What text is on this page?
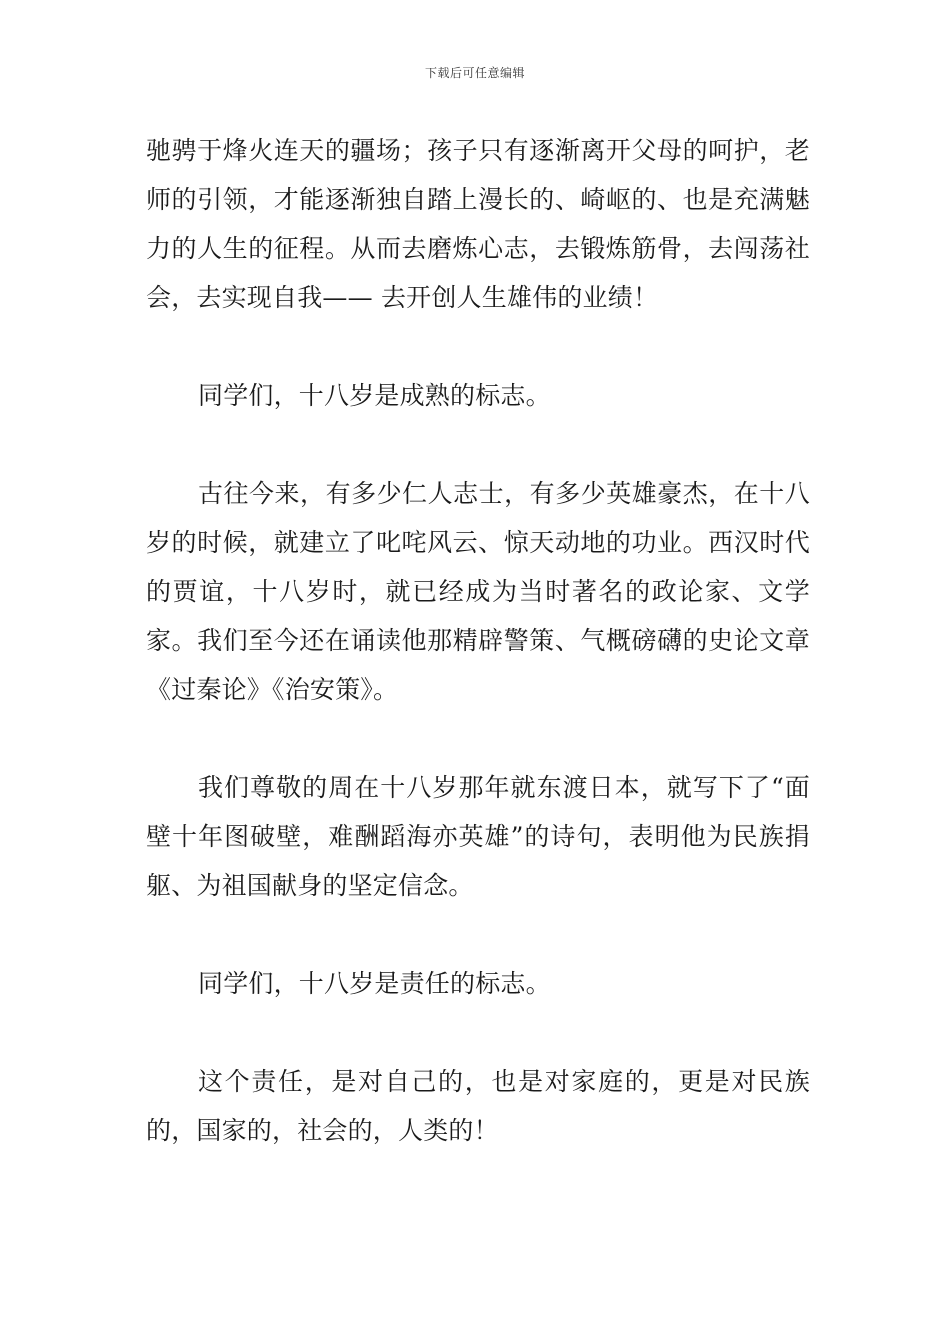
下载后可任意编辑

驰骋于烽火连天的疆场；孩子只有逐渐离开父母的呵护，老师的引领，才能逐渐独自踏上漫长的、崎岖的、也是充满魅力的人生的征程。从而去磨炼心志，去锻炼筋骨，去闯荡社会，去实现自我—— 去开创人生雄伟的业绩！

同学们，十八岁是成熟的标志。

古往今来，有多少仁人志士，有多少英雄豪杰，在十八岁的时候，就建立了叱咤风云、惊天动地的功业。西汉时代的贾谊，十八岁时，就已经成为当时著名的政论家、文学家。我们至今还在诵读他那精辟警策、气概磅礴的史论文章《过秦论》《治安策》。

我们尊敬的周在十八岁那年就东渡日本，就写下了“面壁十年图破壁，难酬蹈海亦英雄”的诗句，表明他为民族捐躯、为祖国献身的坚定信念。

同学们，十八岁是责任的标志。

这个责任，是对自己的，也是对家庭的，更是对民族的，国家的，社会的，人类的！
